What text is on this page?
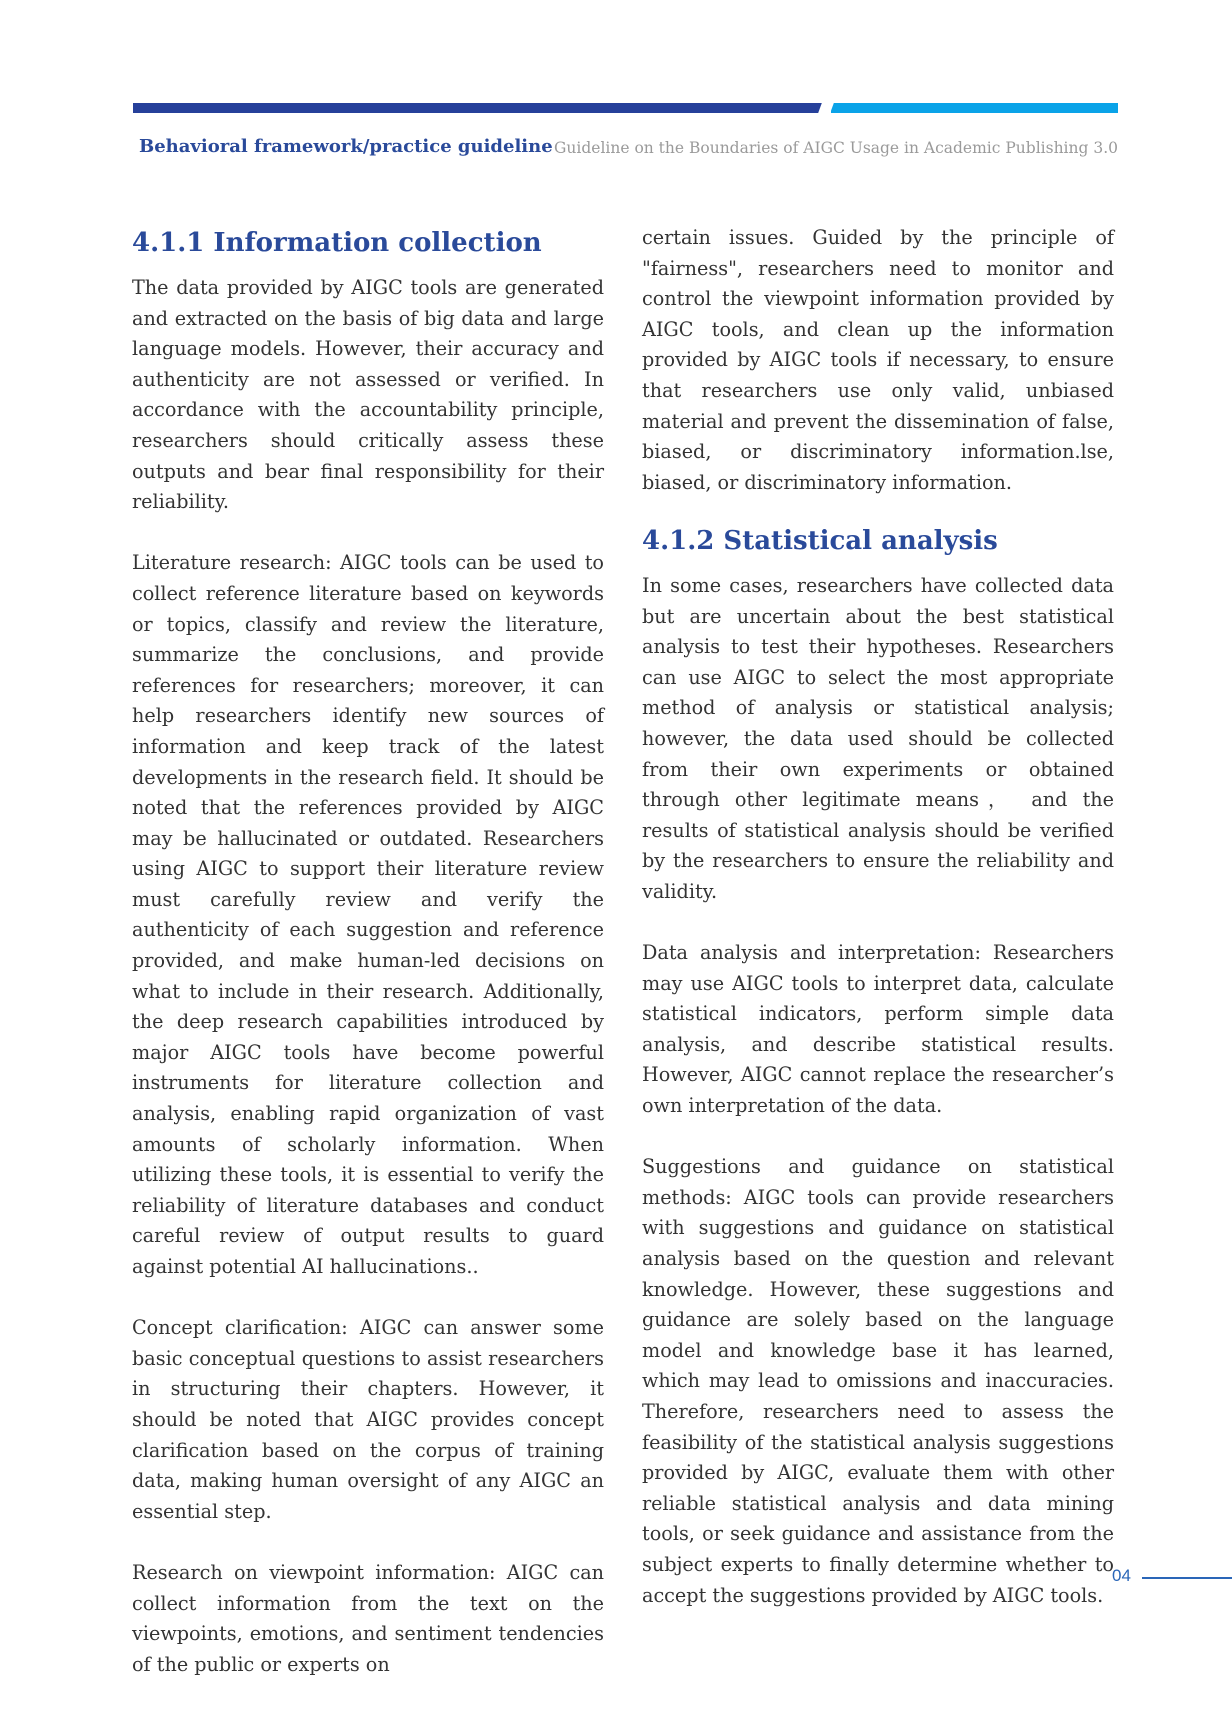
Behavioral framework/practice guideline Guideline on the Boundaries of AIGC Usage in Academic Publishing 3.0
4.1.1 Information collection

The data provided by AIGC tools are generated and extracted on the basis of big data and large language models. However, their accuracy and authenticity are not assessed or verified. In accordance with the accountability principle, researchers should critically assess these outputs and bear final responsibility for their reliability.

Literature research: AIGC tools can be used to collect reference literature based on keywords or topics, classify and review the literature, summarize the conclusions, and provide references for researchers; moreover, it can help researchers identify new sources of information and keep track of the latest developments in the research field. It should be noted that the references provided by AIGC may be hallucinated or outdated. Researchers using AIGC to support their literature review must carefully review and verify the authenticity of each suggestion and reference provided, and make human-led decisions on what to include in their research. Additionally, the deep research capabilities introduced by major AIGC tools have become powerful instruments for literature collection and analysis, enabling rapid organization of vast amounts of scholarly information. When utilizing these tools, it is essential to verify the reliability of literature databases and conduct careful review of output results to guard against potential AI hallucinations..

Concept clarification: AIGC can answer some basic conceptual questions to assist researchers in structuring their chapters. However, it should be noted that AIGC provides concept clarification based on the corpus of training data, making human oversight of any AIGC an essential step.

Research on viewpoint information: AIGC can collect information from the text on the viewpoints, emotions, and sentiment tendencies of the public or experts on

certain issues. Guided by the principle of "fairness", researchers need to monitor and control the viewpoint information provided by AIGC tools, and clean up the information provided by AIGC tools if necessary, to ensure that researchers use only valid, unbiased material and prevent the dissemination of false, biased, or discriminatory information.lse, biased, or discriminatory information.

4.1.2 Statistical analysis

In some cases, researchers have collected data but are uncertain about the best statistical analysis to test their hypotheses. Researchers can use AIGC to select the most appropriate method of analysis or statistical analysis; however, the data used should be collected from their own experiments or obtained through other legitimate means， and the results of statistical analysis should be verified by the researchers to ensure the reliability and validity.

Data analysis and interpretation: Researchers may use AIGC tools to interpret data, calculate statistical indicators, perform simple data analysis, and describe statistical results. However, AIGC cannot replace the researcher’s own interpretation of the data.

Suggestions and guidance on statistical methods: AIGC tools can provide researchers with suggestions and guidance on statistical analysis based on the question and relevant knowledge. However, these suggestions and guidance are solely based on the language model and knowledge base it has learned, which may lead to omissions and inaccuracies. Therefore, researchers need to assess the feasibility of the statistical analysis suggestions provided by AIGC, evaluate them with other reliable statistical analysis and data mining tools, or seek guidance and assistance from the subject experts to finally determine whether to accept the suggestions provided by AIGC tools.

04
